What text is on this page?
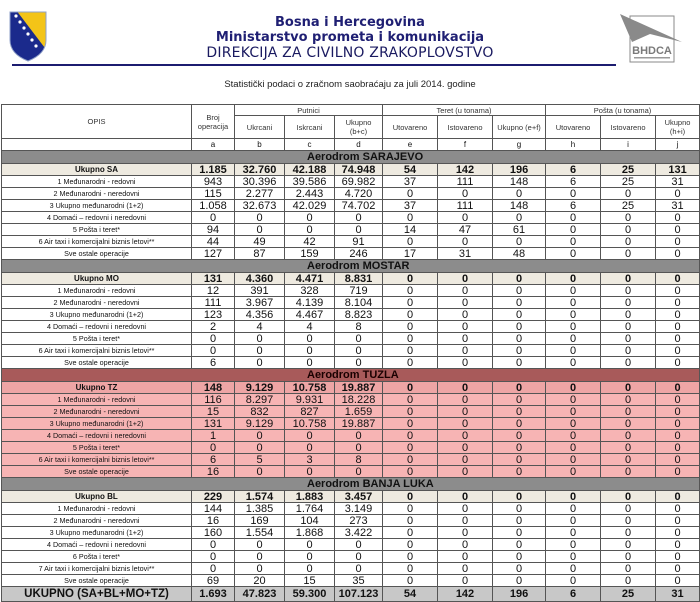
Bosna i Hercegovina
Ministarstvo prometa i komunikacija
DIREKCIJA ZA CIVILNO ZRAKOPLOVSTVO	BHDCA
Statistički podaci o zračnom saobraćaju za juli 2014. godine
OPIS	Broj operacija	Putnici			Teret (u tonama)			Pošta (u tonama)		
		Ukrcani	Iskrcani	Ukupno (b+c)	Utovareno	Istovareno	Ukupno (e+f)	Utovareno	Istovareno	Ukupno (h+i)
	a	b	c	d	e	f	g	h	i	j
Aerodrom SARAJEVO										
Ukupno SA	1.185	32.760	42.188	74.948	54	142	196	6	25	131
1 Međunarodni - redovni	943	30.396	39.586	69.982	37	111	148	6	25	31
2 Međunarodni - neredovni	115	2.277	2.443	4.720	0	0	0	0	0	0
3 Ukupno međunarodni (1+2)	1.058	32.673	42.029	74.702	37	111	148	6	25	31
4 Domaći – redovni i neredovni	0	0	0	0	0	0	0	0	0	0
5 Pošta i teret*	94	0	0	0	14	47	61	0	0	0
6 Air taxi i komercijalni biznis letovi**	44	49	42	91	0	0	0	0	0	0
Sve ostale operacije	127	87	159	246	17	31	48	0	0	0
Aerodrom MOSTAR										
Ukupno MO	131	4.360	4.471	8.831	0	0	0	0	0	0
1 Međunarodni - redovni	12	391	328	719	0	0	0	0	0	0
2 Međunarodni - neredovni	111	3.967	4.139	8.104	0	0	0	0	0	0
3 Ukupno međunarodni (1+2)	123	4.356	4.467	8.823	0	0	0	0	0	0
4 Domaći – redovni i neredovni	2	4	4	8	0	0	0	0	0	0
5 Pošta i teret*	0	0	0	0	0	0	0	0	0	0
6 Air taxi i komercijalni biznis letovi**	0	0	0	0	0	0	0	0	0	0
Sve ostale operacije	6	0	0	0	0	0	0	0	0	0
Aerodrom TUZLA										
Ukupno TZ	148	9.129	10.758	19.887	0	0	0	0	0	0
1 Međunarodni - redovni	116	8.297	9.931	18.228	0	0	0	0	0	0
2 Međunarodni - neredovni	15	832	827	1.659	0	0	0	0	0	0
3 Ukupno međunarodni (1+2)	131	9.129	10.758	19.887	0	0	0	0	0	0
4 Domaći – redovni i neredovni	1	0	0	0	0	0	0	0	0	0
5 Pošta i teret*	0	0	0	0	0	0	0	0	0	0
6 Air taxi i komercijalni biznis letovi**	6	5	3	8	0	0	0	0	0	0
Sve ostale operacije	16	0	0	0	0	0	0	0	0	0
Aerodrom BANJA LUKA										
Ukupno BL	229	1.574	1.883	3.457	0	0	0	0	0	0
1 Međunarodni - redovni	144	1.385	1.764	3.149	0	0	0	0	0	0
2 Međunarodni - neredovni	16	169	104	273	0	0	0	0	0	0
3 Ukupno međunarodni (1+2)	160	1.554	1.868	3.422	0	0	0	0	0	0
4 Domaći – redovni i neredovni	0	0	0	0	0	0	0	0	0	0
6 Pošta i teret*	0	0	0	0	0	0	0	0	0	0
7 Air taxi i komercijalni biznis letovi**	0	0	0	0	0	0	0	0	0	0
Sve ostale operacije	69	20	15	35	0	0	0	0	0	0
UKUPNO (SA+BL+MO+TZ)	1.693	47.823	59.300	107.123	54	142	196	6	25	31
